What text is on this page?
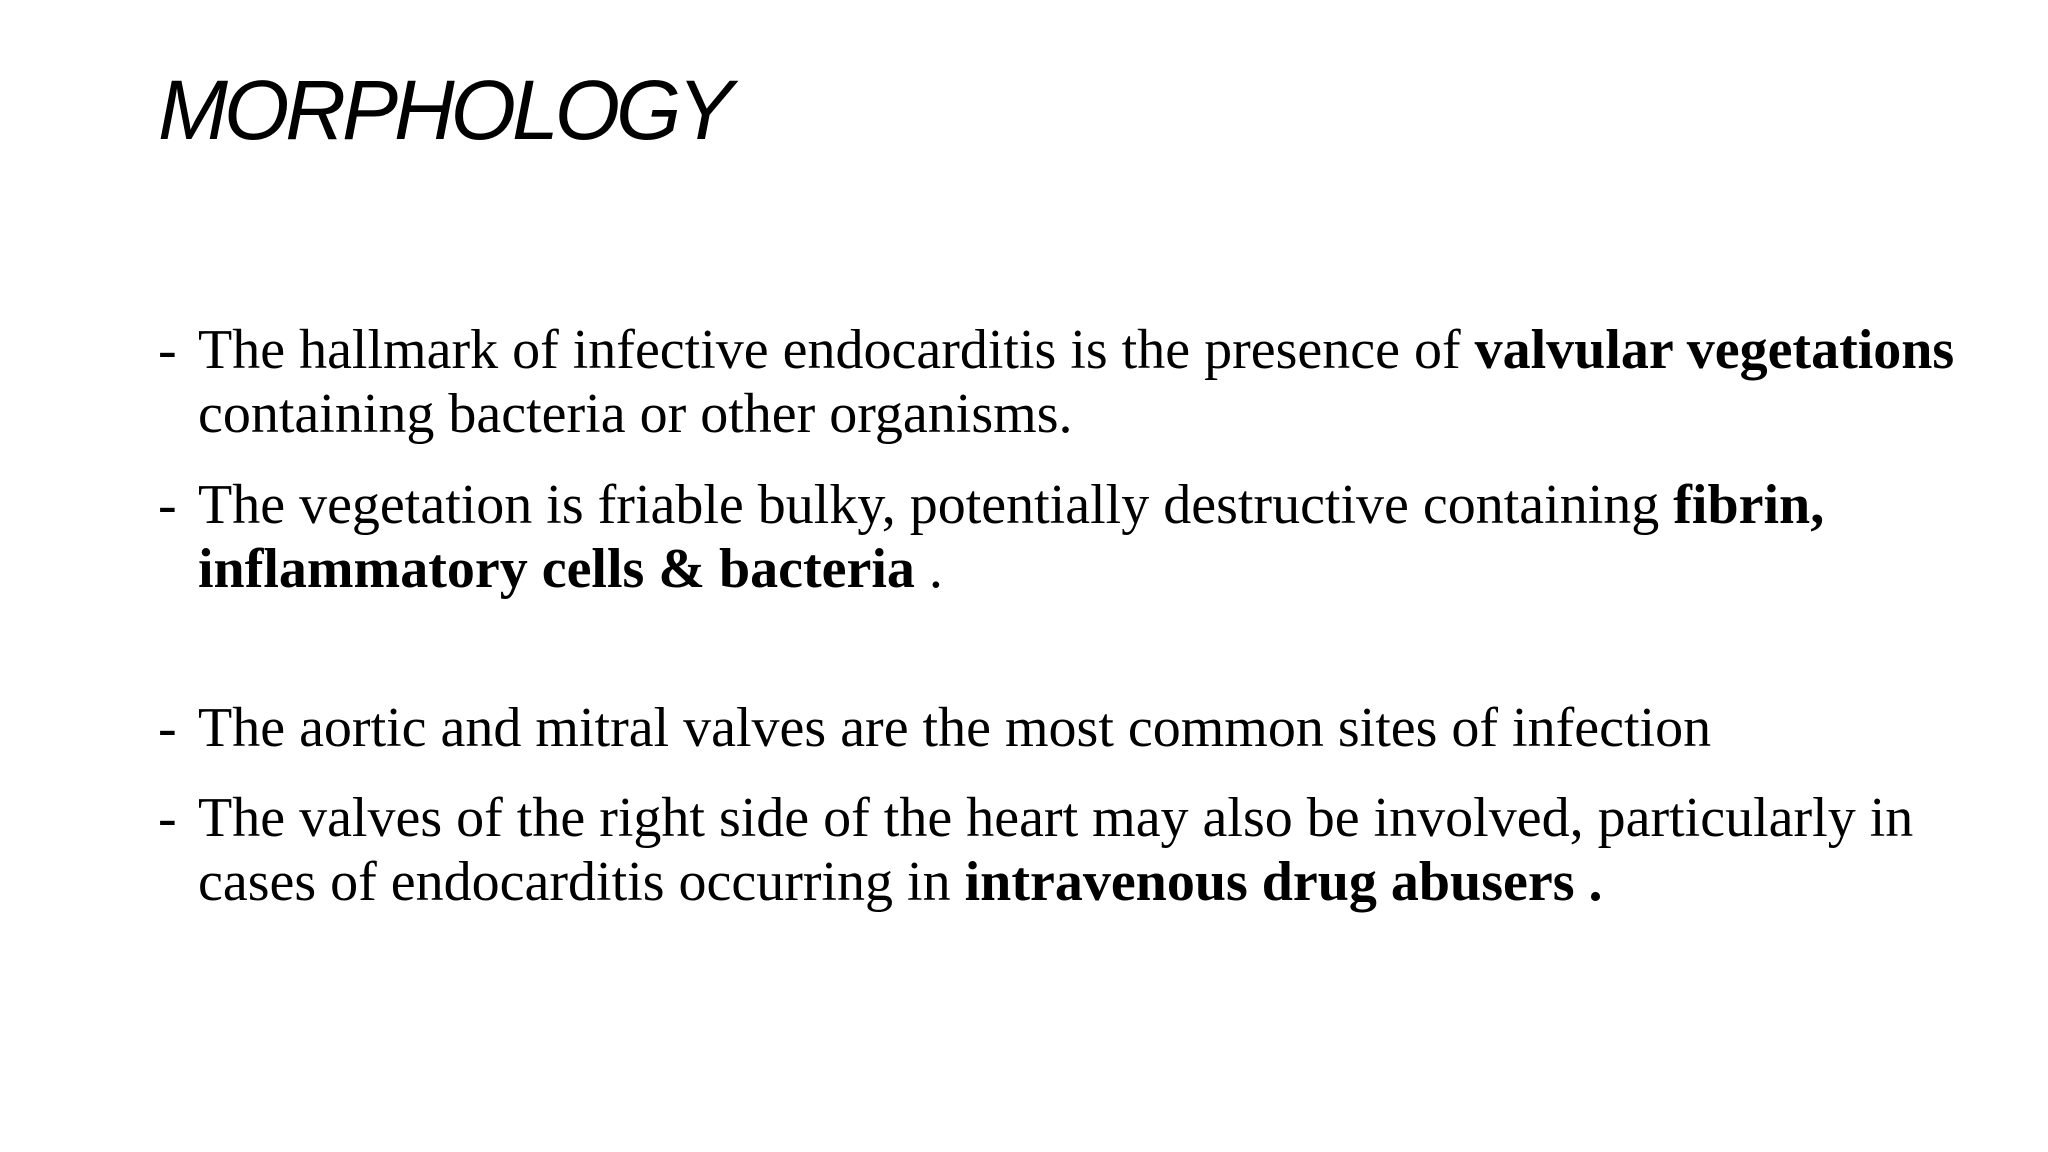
MORPHOLOGY
- The hallmark of infective endocarditis is the presence of valvular vegetations containing bacteria or other organisms.
- The vegetation is friable bulky, potentially destructive containing fibrin, inflammatory cells & bacteria .
- The aortic and mitral valves are the most common sites of infection
- The valves of the right side of the heart may also be involved, particularly in cases of endocarditis occurring in intravenous drug abusers .
